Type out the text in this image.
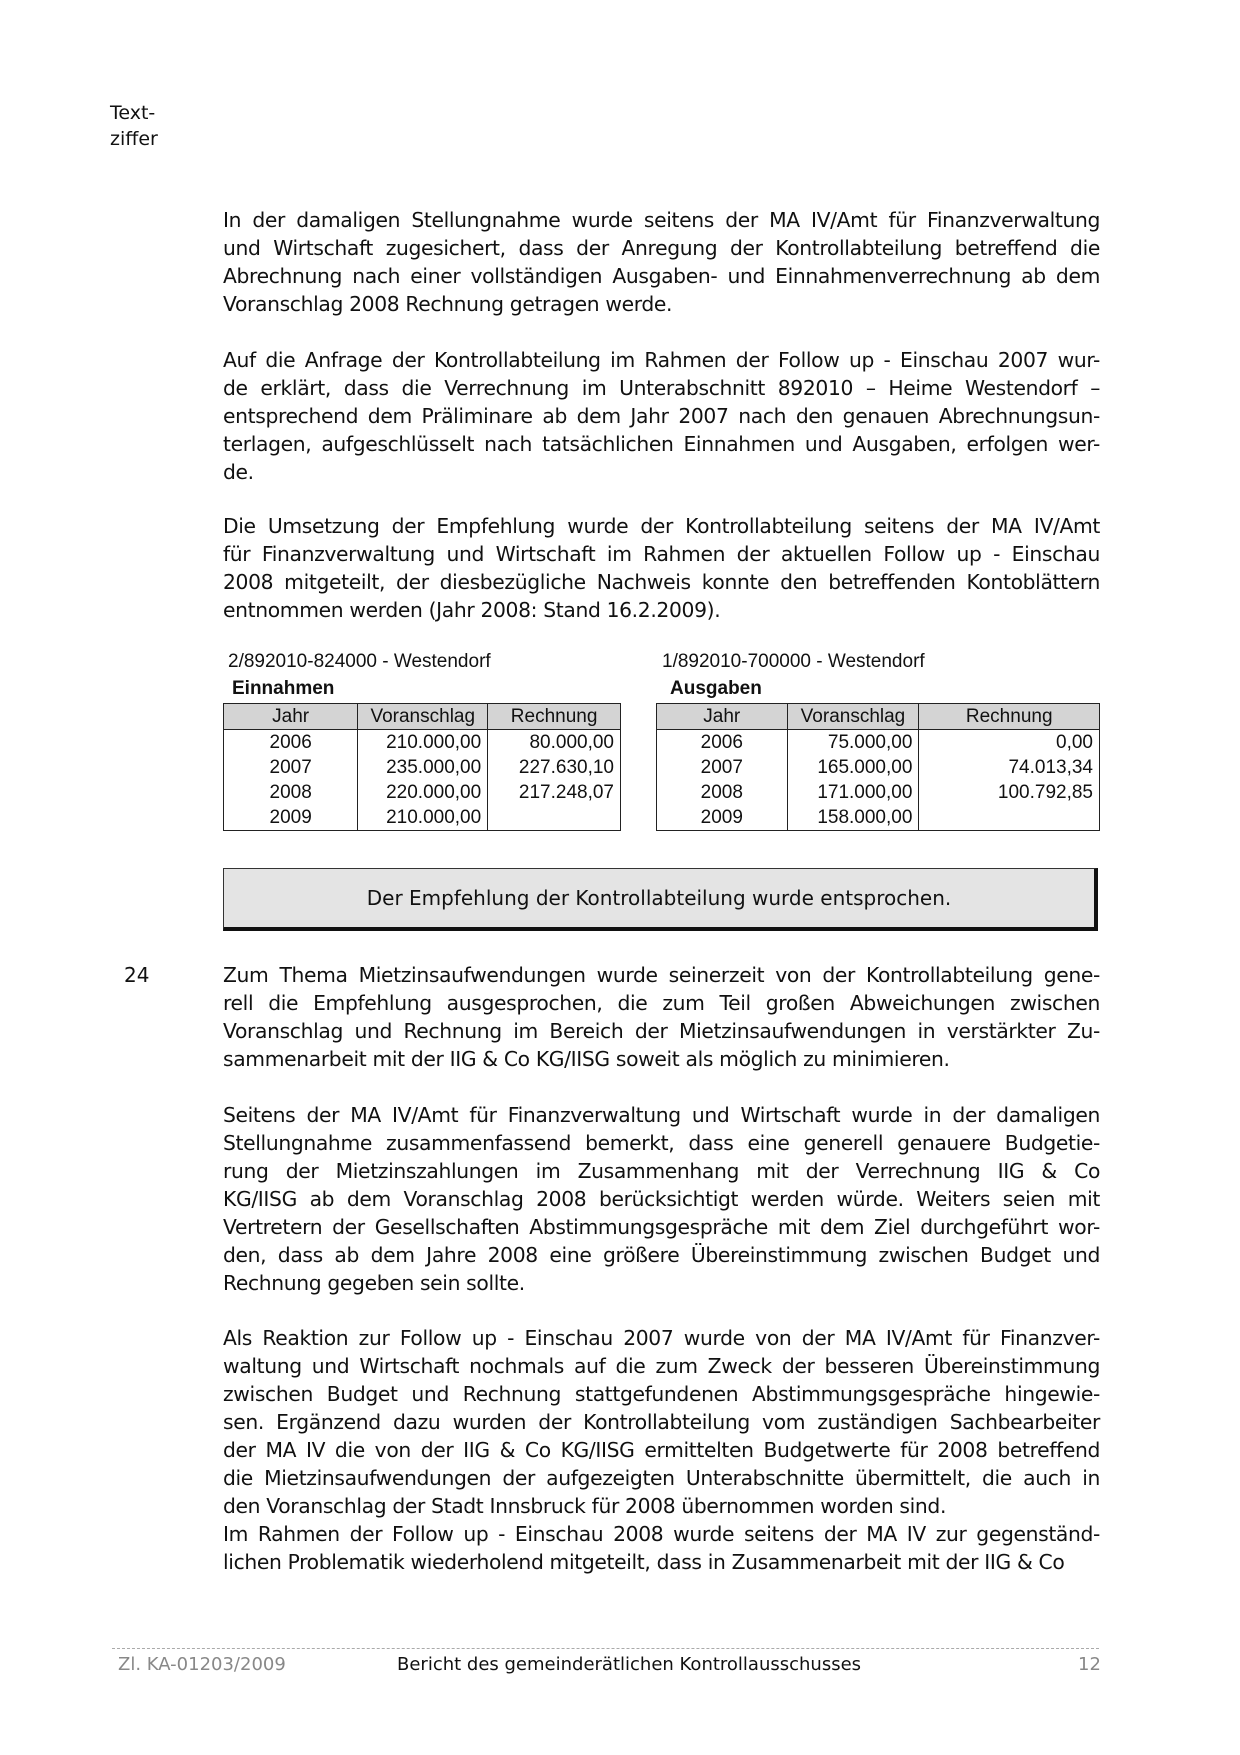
Text-
ziffer
In der damaligen Stellungnahme wurde seitens der MA IV/Amt für Finanzverwaltung
und Wirtschaft zugesichert, dass der Anregung der Kontrollabteilung betreffend die
Abrechnung nach einer vollständigen Ausgaben- und Einnahmenverrechnung ab dem
Voranschlag 2008 Rechnung getragen werde.
Auf die Anfrage der Kontrollabteilung im Rahmen der Follow up - Einschau 2007 wur-
de erklärt, dass die Verrechnung im Unterabschnitt 892010 – Heime Westendorf –
entsprechend dem Präliminare ab dem Jahr 2007 nach den genauen Abrechnungsun-
terlagen, aufgeschlüsselt nach tatsächlichen Einnahmen und Ausgaben, erfolgen wer-
de.
Die Umsetzung der Empfehlung wurde der Kontrollabteilung seitens der MA IV/Amt
für Finanzverwaltung und Wirtschaft im Rahmen der aktuellen Follow up - Einschau
2008 mitgeteilt, der diesbezügliche Nachweis konnte den betreffenden Kontoblättern
entnommen werden (Jahr 2008: Stand 16.2.2009).
2/892010-824000 - Westendorf
Einnahmen
Jahr	Voranschlag	Rechnung
2006	210.000,00	80.000,00
2007	235.000,00	227.630,10
2008	220.000,00	217.248,07
2009	210.000,00	
1/892010-700000 - Westendorf
Ausgaben
Jahr	Voranschlag	Rechnung
2006	75.000,00	0,00
2007	165.000,00	74.013,34
2008	171.000,00	100.792,85
2009	158.000,00	
Der Empfehlung der Kontrollabteilung wurde entsprochen.
24	Zum Thema Mietzinsaufwendungen wurde seinerzeit von der Kontrollabteilung gene-
rell die Empfehlung ausgesprochen, die zum Teil großen Abweichungen zwischen
Voranschlag und Rechnung im Bereich der Mietzinsaufwendungen in verstärkter Zu-
sammenarbeit mit der IIG & Co KG/IISG soweit als möglich zu minimieren.
Seitens der MA IV/Amt für Finanzverwaltung und Wirtschaft wurde in der damaligen
Stellungnahme zusammenfassend bemerkt, dass eine generell genauere Budgetie-
rung der Mietzinszahlungen im Zusammenhang mit der Verrechnung IIG & Co
KG/IISG ab dem Voranschlag 2008 berücksichtigt werden würde. Weiters seien mit
Vertretern der Gesellschaften Abstimmungsgespräche mit dem Ziel durchgeführt wor-
den, dass ab dem Jahre 2008 eine größere Übereinstimmung zwischen Budget und
Rechnung gegeben sein sollte.
Als Reaktion zur Follow up - Einschau 2007 wurde von der MA IV/Amt für Finanzver-
waltung und Wirtschaft nochmals auf die zum Zweck der besseren Übereinstimmung
zwischen Budget und Rechnung stattgefundenen Abstimmungsgespräche hingewie-
sen. Ergänzend dazu wurden der Kontrollabteilung vom zuständigen Sachbearbeiter
der MA IV die von der IIG & Co KG/IISG ermittelten Budgetwerte für 2008 betreffend
die Mietzinsaufwendungen der aufgezeigten Unterabschnitte übermittelt, die auch in
den Voranschlag der Stadt Innsbruck für 2008 übernommen worden sind.
Im Rahmen der Follow up - Einschau 2008 wurde seitens der MA IV zur gegenständ-
lichen Problematik wiederholend mitgeteilt, dass in Zusammenarbeit mit der IIG & Co
Zl. KA-01203/2009	Bericht des gemeinderätlichen Kontrollausschusses	12
